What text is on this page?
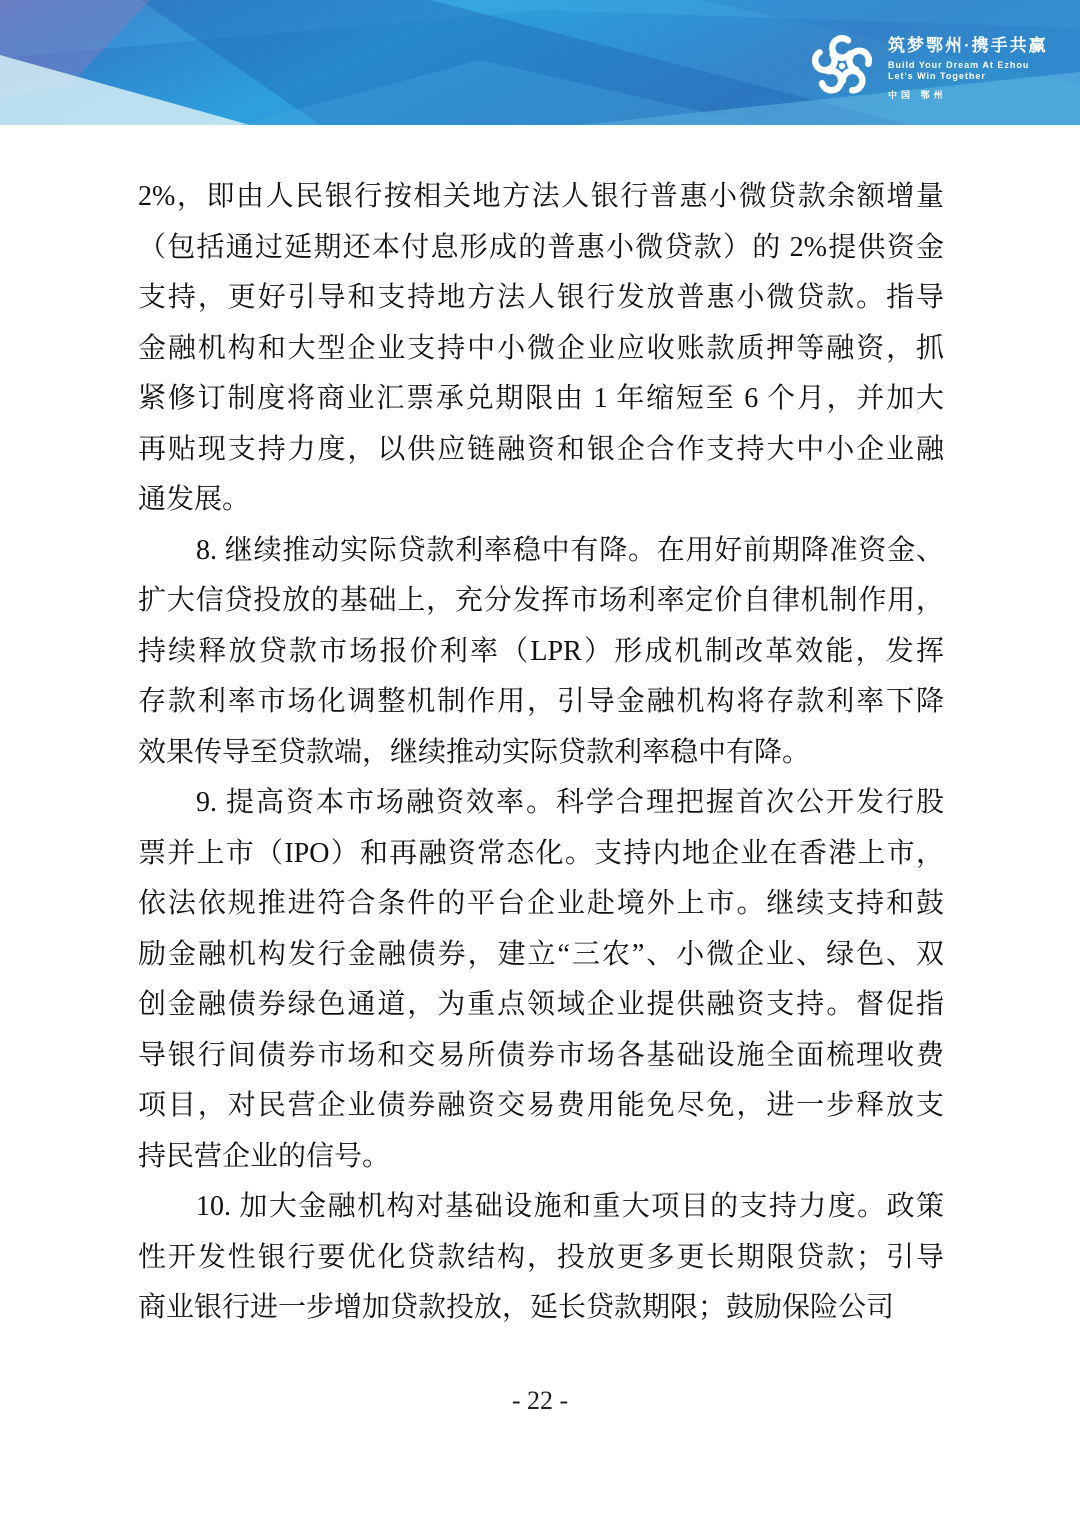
筑梦鄂州·携手共赢
Build Your Dream At Ezhou
Let's Win Together
中国 鄂州
2%，即由人民银行按相关地方法人银行普惠小微贷款余额增量
（包括通过延期还本付息形成的普惠小微贷款）的 2%提供资金
支持，更好引导和支持地方法人银行发放普惠小微贷款。指导
金融机构和大型企业支持中小微企业应收账款质押等融资，抓
紧修订制度将商业汇票承兑期限由 1 年缩短至 6 个月，并加大
再贴现支持力度，以供应链融资和银企合作支持大中小企业融
通发展。
8. 继续推动实际贷款利率稳中有降。在用好前期降准资金、
扩大信贷投放的基础上，充分发挥市场利率定价自律机制作用，
持续释放贷款市场报价利率（LPR）形成机制改革效能，发挥
存款利率市场化调整机制作用，引导金融机构将存款利率下降
效果传导至贷款端，继续推动实际贷款利率稳中有降。
9. 提高资本市场融资效率。科学合理把握首次公开发行股
票并上市（IPO）和再融资常态化。支持内地企业在香港上市，
依法依规推进符合条件的平台企业赴境外上市。继续支持和鼓
励金融机构发行金融债券，建立“三农”、小微企业、绿色、双
创金融债券绿色通道，为重点领域企业提供融资支持。督促指
导银行间债券市场和交易所债券市场各基础设施全面梳理收费
项目，对民营企业债券融资交易费用能免尽免，进一步释放支
持民营企业的信号。
10. 加大金融机构对基础设施和重大项目的支持力度。政策
性开发性银行要优化贷款结构，投放更多更长期限贷款；引导
商业银行进一步增加贷款投放，延长贷款期限；鼓励保险公司
- 22 -
